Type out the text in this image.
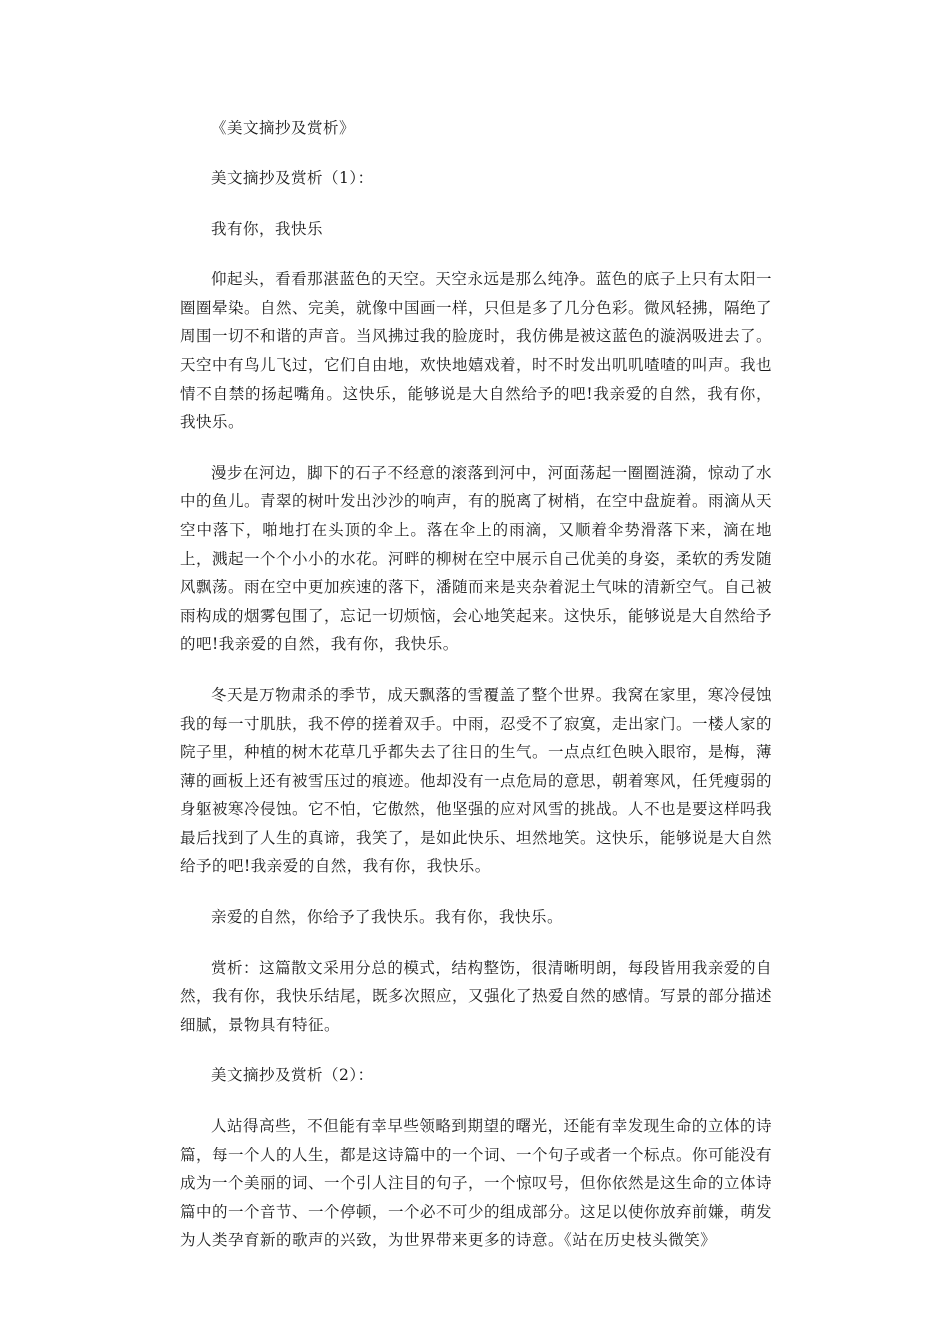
《美文摘抄及赏析》

美文摘抄及赏析（1）：

我有你，我快乐

仰起头，看看那湛蓝色的天空。天空永远是那么纯净。蓝色的底子上只有太阳一圈圈晕染。自然、完美，就像中国画一样，只但是多了几分色彩。微风轻拂，隔绝了周围一切不和谐的声音。当风拂过我的脸庞时，我仿佛是被这蓝色的漩涡吸进去了。天空中有鸟儿飞过，它们自由地，欢快地嬉戏着，时不时发出叽叽喳喳的叫声。我也情不自禁的扬起嘴角。这快乐，能够说是大自然给予的吧!我亲爱的自然，我有你，我快乐。

漫步在河边，脚下的石子不经意的滚落到河中，河面荡起一圈圈涟漪，惊动了水中的鱼儿。青翠的树叶发出沙沙的响声，有的脱离了树梢，在空中盘旋着。雨滴从天空中落下，啪地打在头顶的伞上。落在伞上的雨滴，又顺着伞势滑落下来，滴在地上，溅起一个个小小的水花。河畔的柳树在空中展示自己优美的身姿，柔软的秀发随风飘荡。雨在空中更加疾速的落下，潘随而来是夹杂着泥土气味的清新空气。自己被雨构成的烟雾包围了，忘记一切烦恼，会心地笑起来。这快乐，能够说是大自然给予的吧!我亲爱的自然，我有你，我快乐。

冬天是万物肃杀的季节，成天飘落的雪覆盖了整个世界。我窝在家里，寒冷侵蚀我的每一寸肌肤，我不停的搓着双手。中雨，忍受不了寂寞，走出家门。一楼人家的院子里，种植的树木花草几乎都失去了往日的生气。一点点红色映入眼帘，是梅，薄薄的画板上还有被雪压过的痕迹。他却没有一点危局的意思，朝着寒风，任凭瘦弱的身躯被寒冷侵蚀。它不怕，它傲然，他坚强的应对风雪的挑战。人不也是要这样吗我最后找到了人生的真谛，我笑了，是如此快乐、坦然地笑。这快乐，能够说是大自然给予的吧!我亲爱的自然，我有你，我快乐。

亲爱的自然，你给予了我快乐。我有你，我快乐。

赏析：这篇散文采用分总的模式，结构整饬，很清晰明朗，每段皆用我亲爱的自然，我有你，我快乐结尾，既多次照应，又强化了热爱自然的感情。写景的部分描述细腻，景物具有特征。

美文摘抄及赏析（2）：

人站得高些，不但能有幸早些领略到期望的曙光，还能有幸发现生命的立体的诗篇，每一个人的人生，都是这诗篇中的一个词、一个句子或者一个标点。你可能没有成为一个美丽的词、一个引人注目的句子，一个惊叹号，但你依然是这生命的立体诗篇中的一个音节、一个停顿，一个必不可少的组成部分。这足以使你放弃前嫌，萌发为人类孕育新的歌声的兴致，为世界带来更多的诗意。《站在历史枝头微笑》
